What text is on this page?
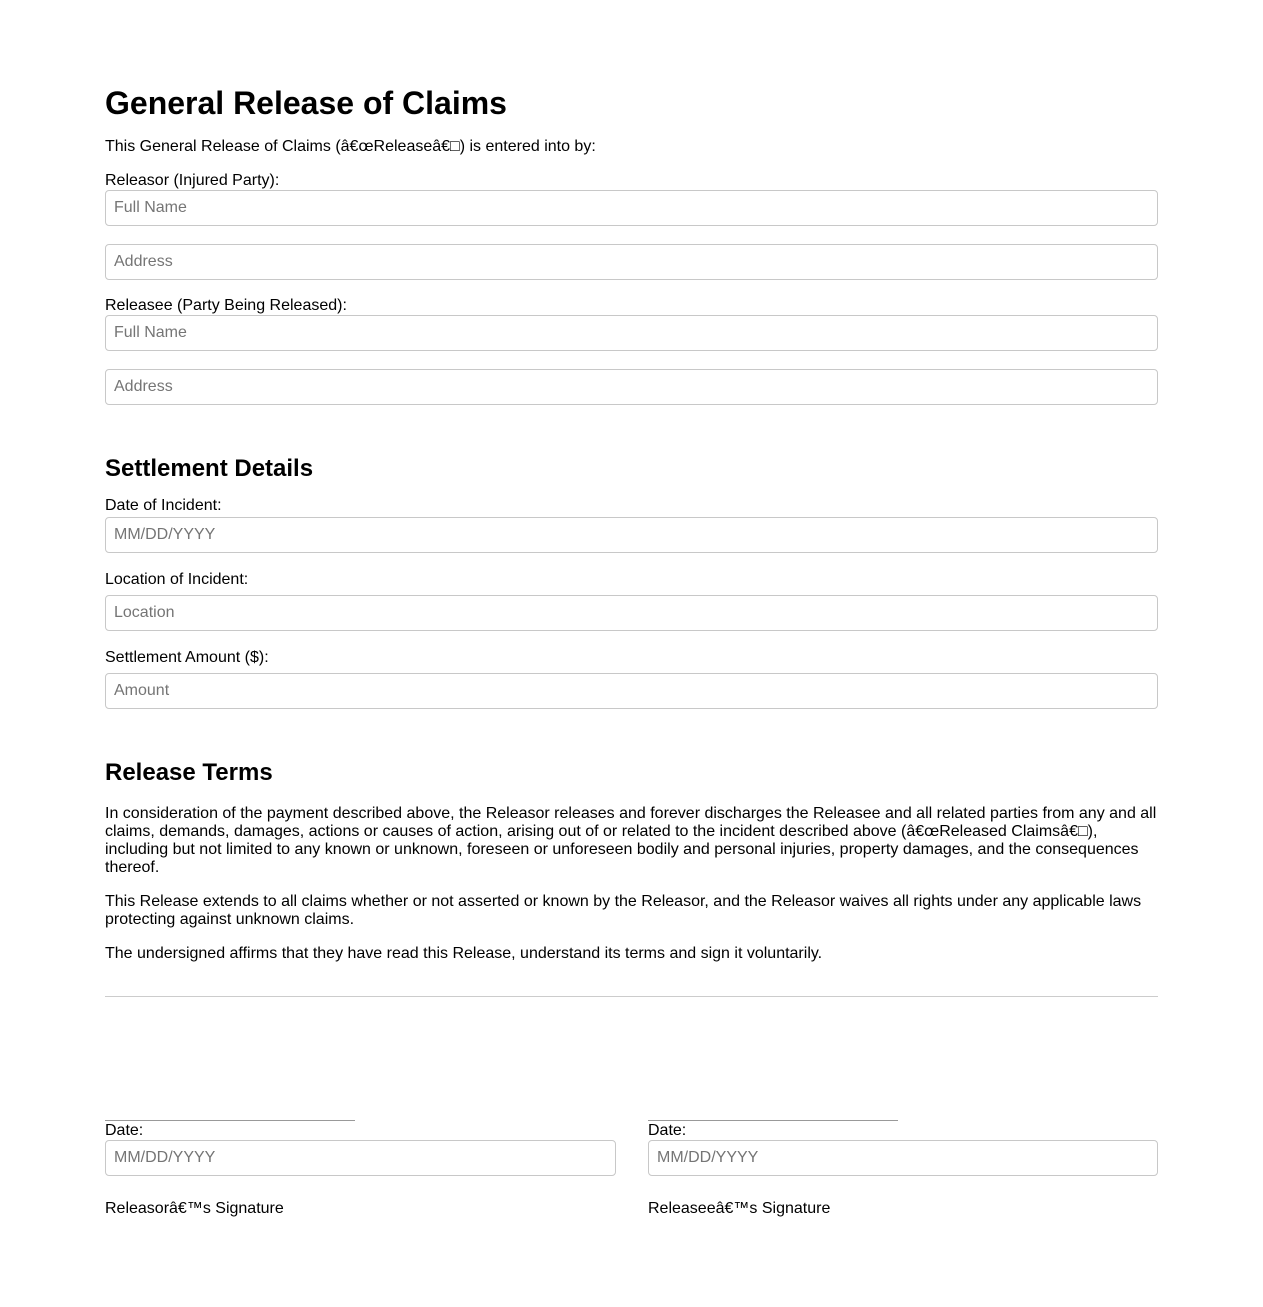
General Release of Claims

This General Release of Claims (â€œReleaseâ€□) is entered into by:

Releasor (Injured Party):
Full Name
Address
Releasee (Party Being Released):
Full Name
Address
Settlement Details
Date of Incident:
MM/DD/YYYY
Location of Incident:
Location
Settlement Amount ($):
Amount
Release Terms

In consideration of the payment described above, the Releasor releases and forever discharges the Releasee and all related parties from any and all claims, demands, damages, actions or causes of action, arising out of or related to the incident described above (â€œReleased Claimsâ€□), including but not limited to any known or unknown, foreseen or unforeseen bodily and personal injuries, property damages, and the consequences thereof.

This Release extends to all claims whether or not asserted or known by the Releasor, and the Releasor waives all rights under any applicable laws protecting against unknown claims.

The undersigned affirms that they have read this Release, understand its terms and sign it voluntarily.

Date:
MM/DD/YYYY
Releasorâ€™s Signature
Date:
MM/DD/YYYY
Releaseeâ€™s Signature
